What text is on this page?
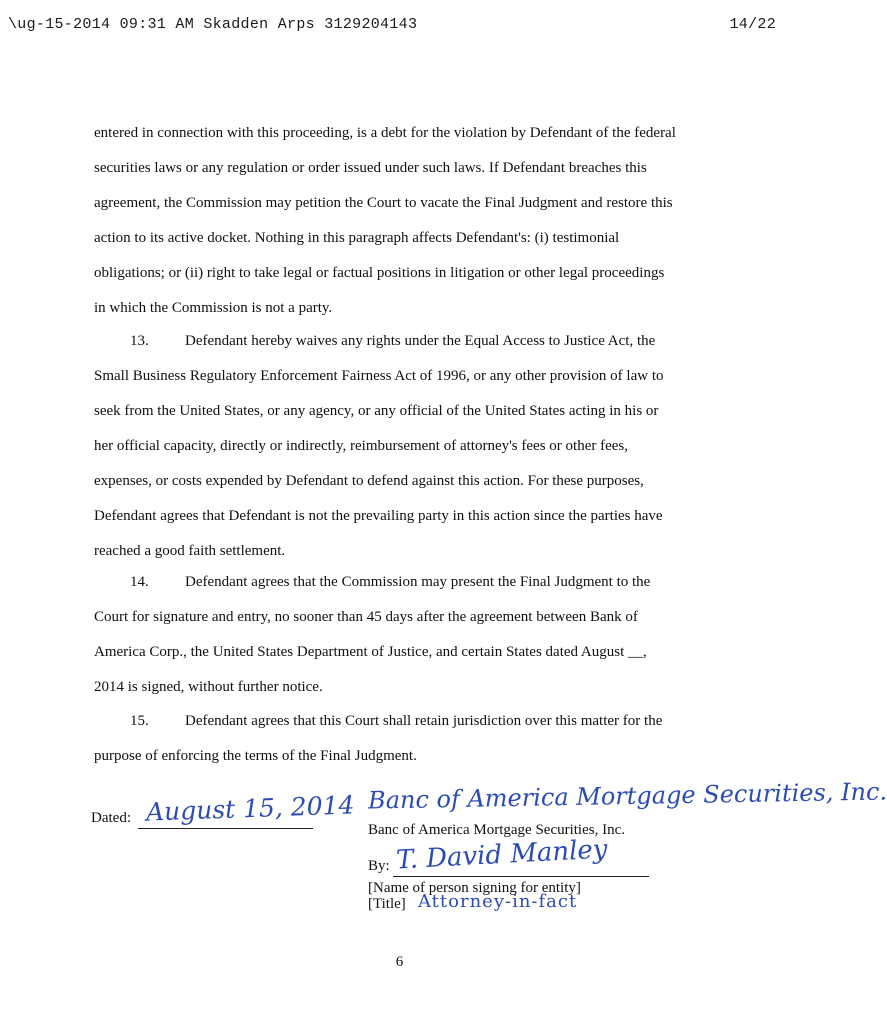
\ug-15-2014 09:31 AM Skadden Arps 3129204143	14/22
entered in connection with this proceeding, is a debt for the violation by Defendant of the federal
securities laws or any regulation or order issued under such laws. If Defendant breaches this
agreement, the Commission may petition the Court to vacate the Final Judgment and restore this
action to its active docket. Nothing in this paragraph affects Defendant's: (i) testimonial
obligations; or (ii) right to take legal or factual positions in litigation or other legal proceedings
in which the Commission is not a party.
13. Defendant hereby waives any rights under the Equal Access to Justice Act, the
Small Business Regulatory Enforcement Fairness Act of 1996, or any other provision of law to
seek from the United States, or any agency, or any official of the United States acting in his or
her official capacity, directly or indirectly, reimbursement of attorney's fees or other fees,
expenses, or costs expended by Defendant to defend against this action. For these purposes,
Defendant agrees that Defendant is not the prevailing party in this action since the parties have
reached a good faith settlement.
14. Defendant agrees that the Commission may present the Final Judgment to the
Court for signature and entry, no sooner than 45 days after the agreement between Bank of
America Corp., the United States Department of Justice, and certain States dated August __,
2014 is signed, without further notice.
15. Defendant agrees that this Court shall retain jurisdiction over this matter for the
purpose of enforcing the terms of the Final Judgment.
Dated: August 15, 2014 Banc of America Mortgage Securities, Inc.
Banc of America Mortgage Securities, Inc.
By: T. David Manley
[Name of person signing for entity]
[Title] Attorney-in-fact
6
